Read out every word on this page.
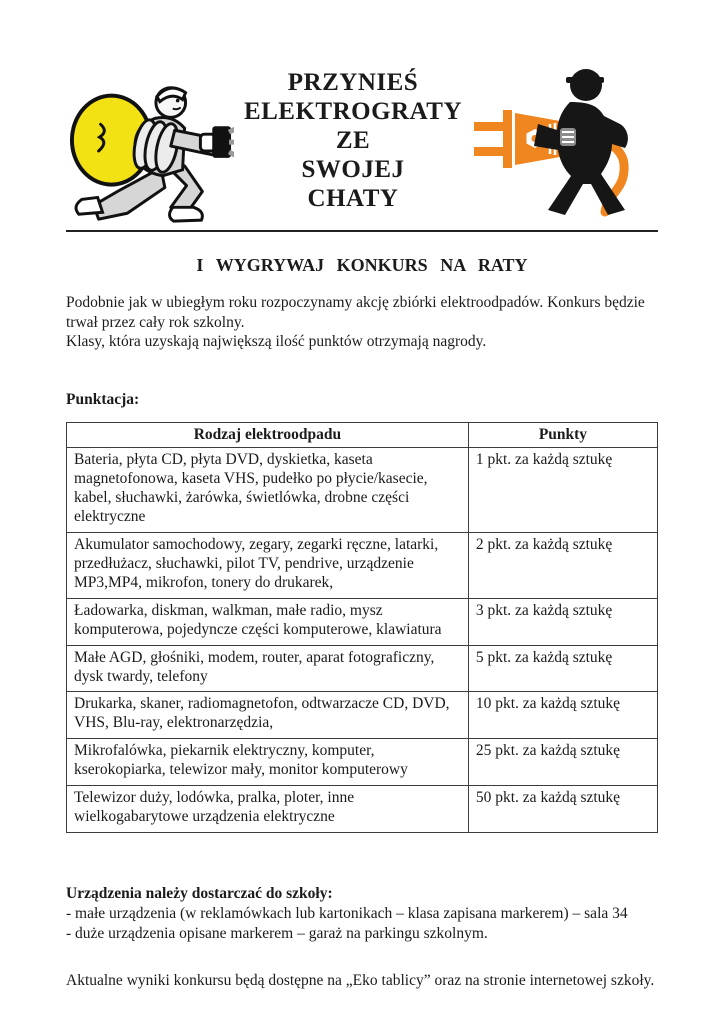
PRZYNIEŚ
ELEKTROGRATY
ZE
SWOJEJ
CHATY
I WYGRYWAJ KONKURS NA RATY

Podobnie jak w ubiegłym roku rozpoczynamy akcję zbiórki elektroodpadów. Konkurs będzie trwał przez cały rok szkolny.

Klasy, która uzyskają największą ilość punktów otrzymają nagrody.

Punktacja:
Rodzaj elektroodpadu	Punkty
Bateria, płyta CD, płyta DVD, dyskietka, kaseta magnetofonowa, kaseta VHS, pudełko po płycie/kasecie, kabel, słuchawki, żarówka, świetlówka, drobne części elektryczne	1 pkt. za każdą sztukę
Akumulator samochodowy, zegary, zegarki ręczne, latarki, przedłużacz, słuchawki, pilot TV, pendrive, urządzenie MP3,MP4, mikrofon, tonery do drukarek,	2 pkt. za każdą sztukę
Ładowarka, diskman, walkman, małe radio, mysz komputerowa, pojedyncze części komputerowe, klawiatura	3 pkt. za każdą sztukę
Małe AGD, głośniki, modem, router, aparat fotograficzny, dysk twardy, telefony	5 pkt. za każdą sztukę
Drukarka, skaner, radiomagnetofon, odtwarzacze CD, DVD, VHS, Blu-ray, elektronarzędzia,	10 pkt. za każdą sztukę
Mikrofalówka, piekarnik elektryczny, komputer, kserokopiarka, telewizor mały, monitor komputerowy	25 pkt. za każdą sztukę
Telewizor duży, lodówka, pralka, ploter, inne wielkogabarytowe urządzenia elektryczne	50 pkt. za każdą sztukę
Urządzenia należy dostarczać do szkoły:
- małe urządzenia (w reklamówkach lub kartonikach – klasa zapisana markerem) – sala 34
- duże urządzenia opisane markerem – garaż na parkingu szkolnym.
Aktualne wyniki konkursu będą dostępne na „Eko tablicy” oraz na stronie internetowej szkoły.
